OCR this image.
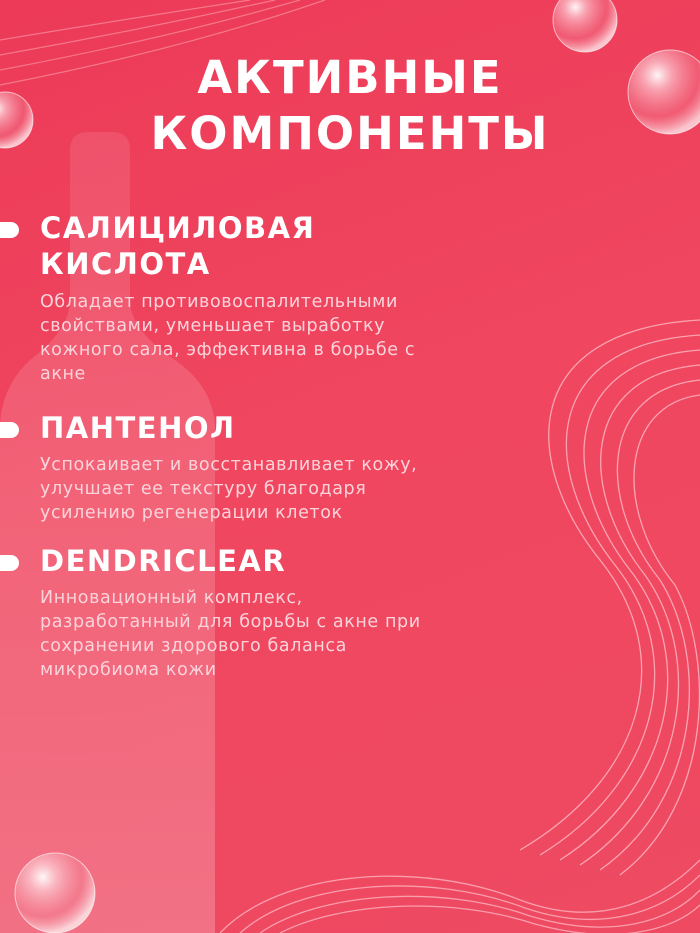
АКТИВНЫЕ
КОМПОНЕНТЫ
САЛИЦИЛОВАЯ
КИСЛОТА

Обладает противовоспалительными

свойствами, уменьшает выработку

кожного сала, эффективна в борьбе с

акне

ПАНТЕНОЛ

Успокаивает и восстанавливает кожу,

улучшает ее текстуру благодаря

усилению регенерации клеток

DENDRICLEAR

Инновационный комплекс,

разработанный для борьбы с акне при

сохранении здорового баланса

микробиома кожи
